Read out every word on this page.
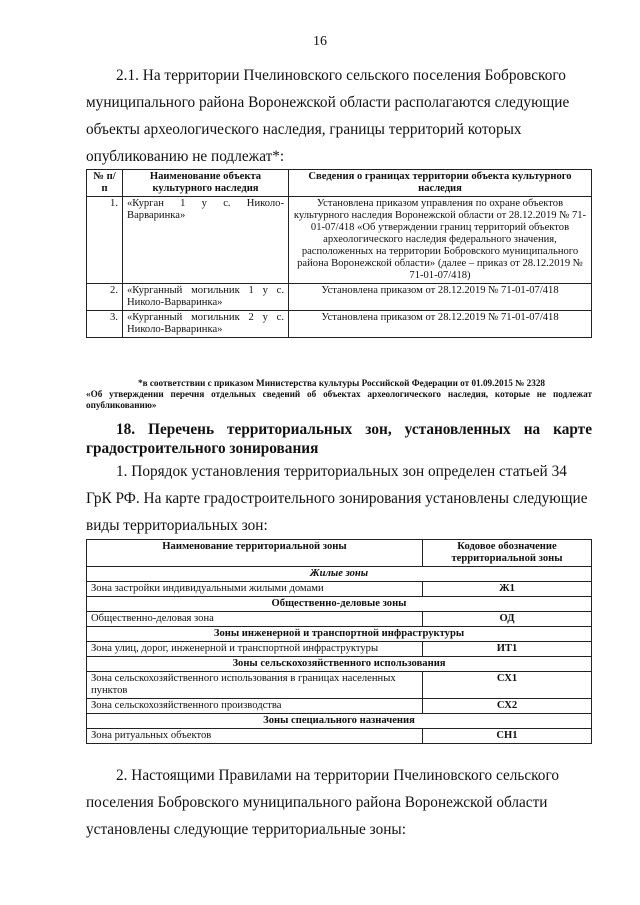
16
2.1. На территории Пчелиновского сельского поселения Бобровского
муниципального района Воронежской области располагаются следующие
объекты археологического наследия, границы территорий которых
опубликованию не подлежат*:
№ п/п	Наименование объекта культурного наследия	Сведения о границах территории объекта культурного наследия
1.	«Курган 1 у с. Николо-Варваринка»	Установлена приказом управления по охране объектов культурного наследия Воронежской области от 28.12.2019 № 71-01-07/418 «Об утверждении границ территорий объектов археологического наследия федерального значения, расположенных на территории Бобровского муниципального района Воронежской области» (далее – приказ от 28.12.2019 № 71-01-07/418)
2.	«Курганный могильник 1 у с. Николо-Варваринка»	Установлена приказом от 28.12.2019 № 71-01-07/418
3.	«Курганный могильник 2 у с. Николо-Варваринка»	Установлена приказом от 28.12.2019 № 71-01-07/418
*в соответствии с приказом Министерства культуры Российской Федерации от 01.09.2015 № 2328
«Об утверждении перечня отдельных сведений об объектах археологического наследия, которые не подлежат опубликованию»
18. Перечень территориальных зон, установленных на карте градостроительного зонирования
1. Порядок установления территориальных зон определен статьей 34
ГрК РФ. На карте градостроительного зонирования установлены следующие
виды территориальных зон:
Наименование территориальной зоны	Кодовое обозначение территориальной зоны
Жилые зоны	
Зона застройки индивидуальными жилыми домами	Ж1
Общественно-деловые зоны	
Общественно-деловая зона	ОД
Зоны инженерной и транспортной инфраструктуры	
Зона улиц, дорог, инженерной и транспортной инфраструктуры	ИТ1
Зоны сельскохозяйственного использования	
Зона сельскохозяйственного использования в границах населенных пунктов	СХ1
Зона сельскохозяйственного производства	СХ2
Зоны специального назначения	
Зона ритуальных объектов	СН1
2. Настоящими Правилами на территории Пчелиновского сельского
поселения Бобровского муниципального района Воронежской области
установлены следующие территориальные зоны:
